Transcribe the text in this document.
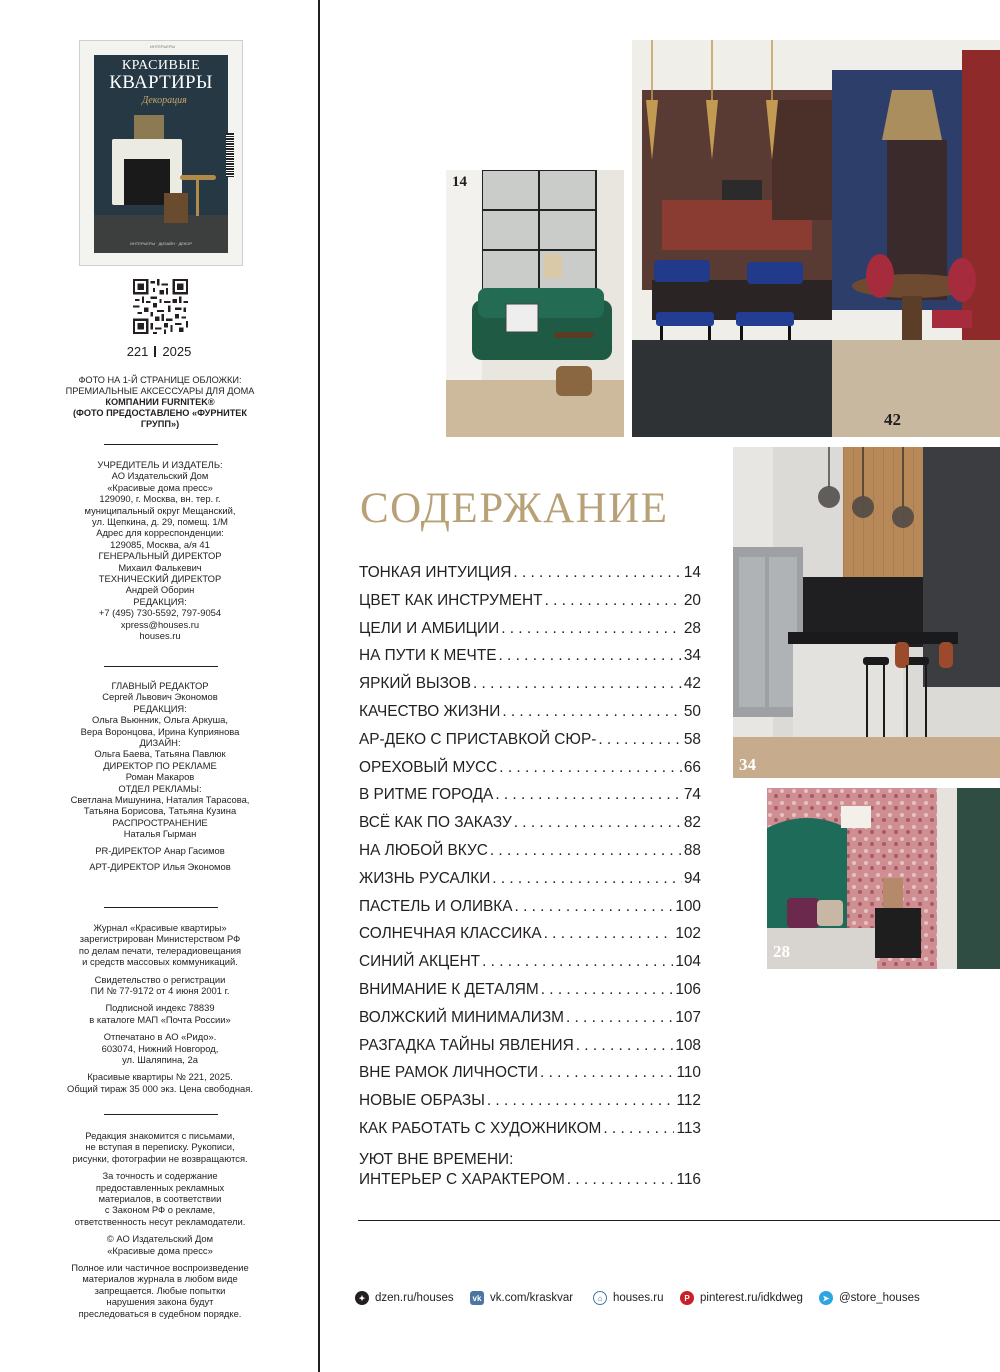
ИНТЕРЬЕРЫ
КРАСИВЫЕ
КВАРТИРЫ
Декорация
ИНТЕРЬЕРЫ · ДИЗАЙН · ДЕКОР
221 2025
ФОТО НА 1-Й СТРАНИЦЕ ОБЛОЖКИ:
ПРЕМИАЛЬНЫЕ АКСЕССУАРЫ ДЛЯ ДОМА
КОМПАНИИ FURNITEK®
(ФОТО ПРЕДОСТАВЛЕНО «ФУРНИТЕК ГРУПП»)
УЧРЕДИТЕЛЬ И ИЗДАТЕЛЬ:
АО Издательский Дом
«Красивые дома пресс»
129090, г. Москва, вн. тер. г.
муниципальный округ Мещанский,
ул. Щепкина, д. 29, помещ. 1/М
Адрес для корреспонденции:
129085, Москва, а/я 41
ГЕНЕРАЛЬНЫЙ ДИРЕКТОР
Михаил Фалькевич
ТЕХНИЧЕСКИЙ ДИРЕКТОР
Андрей Оборин
РЕДАКЦИЯ:
+7 (495) 730-5592, 797-9054
xpress@houses.ru
houses.ru
ГЛАВНЫЙ РЕДАКТОР
Сергей Львович Экономов
РЕДАКЦИЯ:
Ольга Вьюнник, Ольга Аркуша,
Вера Воронцова, Ирина Куприянова
ДИЗАЙН:
Ольга Баева, Татьяна Павлюк
ДИРЕКТОР ПО РЕКЛАМЕ
Роман Макаров
ОТДЕЛ РЕКЛАМЫ:
Светлана Мишунина, Наталия Тарасова,
Татьяна Борисова, Татьяна Кузина
РАСПРОСТРАНЕНИЕ
Наталья Гырман
PR-ДИРЕКТОР Анар Гасимов
АРТ-ДИРЕКТОР Илья Экономов

Журнал «Красивые квартиры»
зарегистрирован Министерством РФ
по делам печати, телерадиовещания
и средств массовых коммуникаций.

Свидетельство о регистрации
ПИ № 77-9172 от 4 июня 2001 г.

Подписной индекс 78839
в каталоге МАП «Почта России»

Отпечатано в АО «Ридо».
603074, Нижний Новгород,
ул. Шаляпина, 2а

Красивые квартиры № 221, 2025.
Общий тираж 35 000 экз. Цена свободная.

Редакция знакомится с письмами,
не вступая в переписку. Рукописи,
рисунки, фотографии не возвращаются.

За точность и содержание
предоставленных рекламных
материалов, в соответствии
с Законом РФ о рекламе,
ответственность несут рекламодатели.

© АО Издательский Дом
«Красивые дома пресс»

Полное или частичное воспроизведение
материалов журнала в любом виде
запрещается. Любые попытки
нарушения закона будут
преследоваться в судебном порядке.

14
42
34
28
СОДЕРЖАНИЕ
ТОНКАЯ ИНТУИЦИЯ . . .	14
ЦВЕТ КАК ИНСТРУМЕНТ . . .	20
ЦЕЛИ И АМБИЦИИ . . .	28
НА ПУТИ К МЕЧТЕ . . .	34
ЯРКИЙ ВЫЗОВ . . .	42
КАЧЕСТВО ЖИЗНИ . . .	50
АР-ДЕКО С ПРИСТАВКОЙ СЮР- . . .	58
ОРЕХОВЫЙ МУСС . . .	66
В РИТМЕ ГОРОДА . . .	74
ВСЁ КАК ПО ЗАКАЗУ . . .	82
НА ЛЮБОЙ ВКУС . . .	88
ЖИЗНЬ РУСАЛКИ . . .	94
ПАСТЕЛЬ И ОЛИВКА . . .	100
СОЛНЕЧНАЯ КЛАССИКА . . .	102
СИНИЙ АКЦЕНТ . . .	104
ВНИМАНИЕ К ДЕТАЛЯМ . . .	106
ВОЛЖСКИЙ МИНИМАЛИЗМ . . .	107
РАЗГАДКА ТАЙНЫ ЯВЛЕНИЯ . . .	108
ВНЕ РАМОК ЛИЧНОСТИ . . .	110
НОВЫЕ ОБРАЗЫ . . .	112
КАК РАБОТАТЬ С ХУДОЖНИКОМ . . .	113
УЮТ ВНЕ ВРЕМЕНИ:
ИНТЕРЬЕР С ХАРАКТЕРОМ . . .	116
✦ dzen.ru/houses	vk vk.com/kraskvar	⌂ houses.ru	P pinterest.ru/idkdweg	➤ @store_houses
